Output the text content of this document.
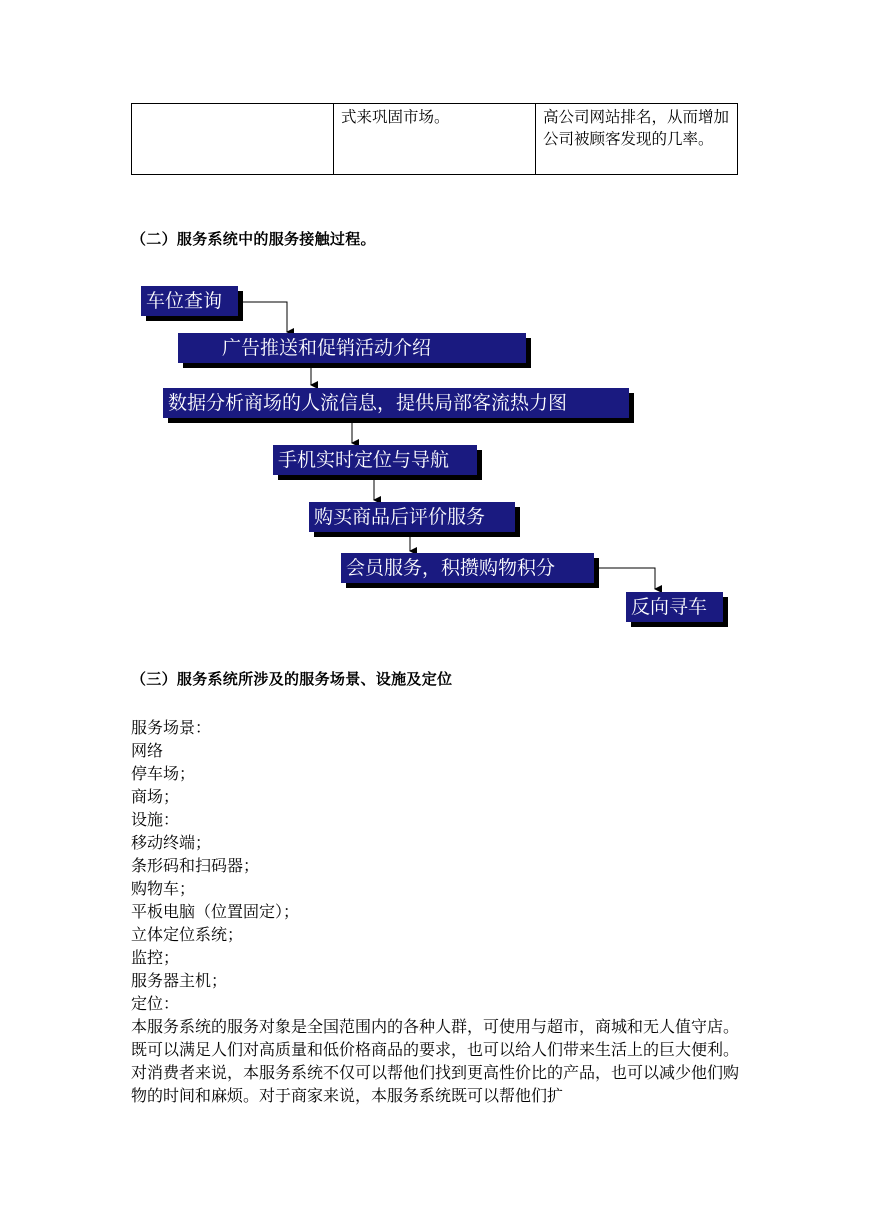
	式来巩固市场。	高公司网站排名，从而增加公司被顾客发现的几率。
（二）服务系统中的服务接触过程。
车位查询
广告推送和促销活动介绍
数据分析商场的人流信息，提供局部客流热力图
手机实时定位与导航
购买商品后评价服务
会员服务，积攒购物积分
反向寻车
（三）服务系统所涉及的服务场景、设施及定位
服务场景：
网络
停车场；
商场；
设施：
移动终端；
条形码和扫码器；
购物车；
平板电脑（位置固定）；
立体定位系统；
监控；
服务器主机；
定位：
本服务系统的服务对象是全国范围内的各种人群，可使用与超市，商城和无人值守店。既可以满足人们对高质量和低价格商品的要求，也可以给人们带来生活上的巨大便利。对消费者来说，本服务系统不仅可以帮他们找到更高性价比的产品，也可以减少他们购物的时间和麻烦。对于商家来说，本服务系统既可以帮他们扩
